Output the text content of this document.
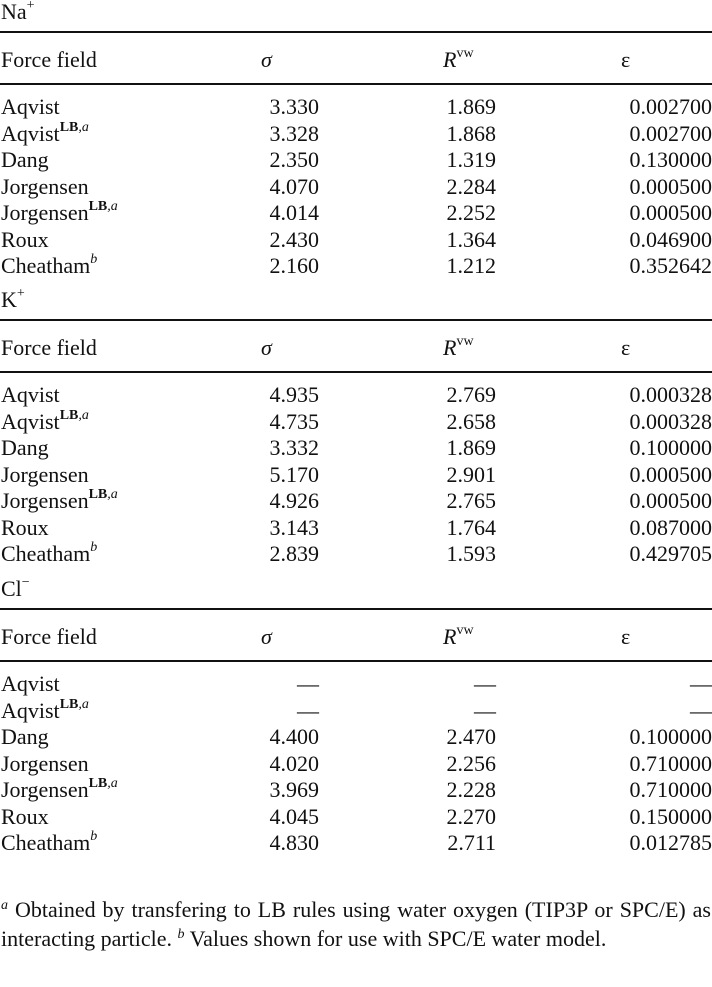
Na+
Force field	σ	$R^{vw}$	ε
Aqvist	3.330	1.869	0.002700
Aqvist$^{LB,a}$	3.328	1.868	0.002700
Dang	2.350	1.319	0.130000
Jorgensen	4.070	2.284	0.000500
Jorgensen$^{LB,a}$	4.014	2.252	0.000500
Roux	2.430	1.364	0.046900
Cheatham$^b$	2.160	1.212	0.352642
K+
Force field	σ	$R^{vw}$	ε
Aqvist	4.935	2.769	0.000328
Aqvist$^{LB,a}$	4.735	2.658	0.000328
Dang	3.332	1.869	0.100000
Jorgensen	5.170	2.901	0.000500
Jorgensen$^{LB,a}$	4.926	2.765	0.000500
Roux	3.143	1.764	0.087000
Cheatham$^b$	2.839	1.593	0.429705
Cl−
Force field	σ	$R^{vw}$	ε
Aqvist	—	—	—
Aqvist$^{LB,a}$	—	—	—
Dang	4.400	2.470	0.100000
Jorgensen	4.020	2.256	0.710000
Jorgensen$^{LB,a}$	3.969	2.228	0.710000
Roux	4.045	2.270	0.150000
Cheatham$^b$	4.830	2.711	0.012785
$^a$ Obtained by transfering to LB rules using water oxygen (TIP3P or SPC/E) as interacting particle. $^b$ Values shown for use with SPC/E water model.
